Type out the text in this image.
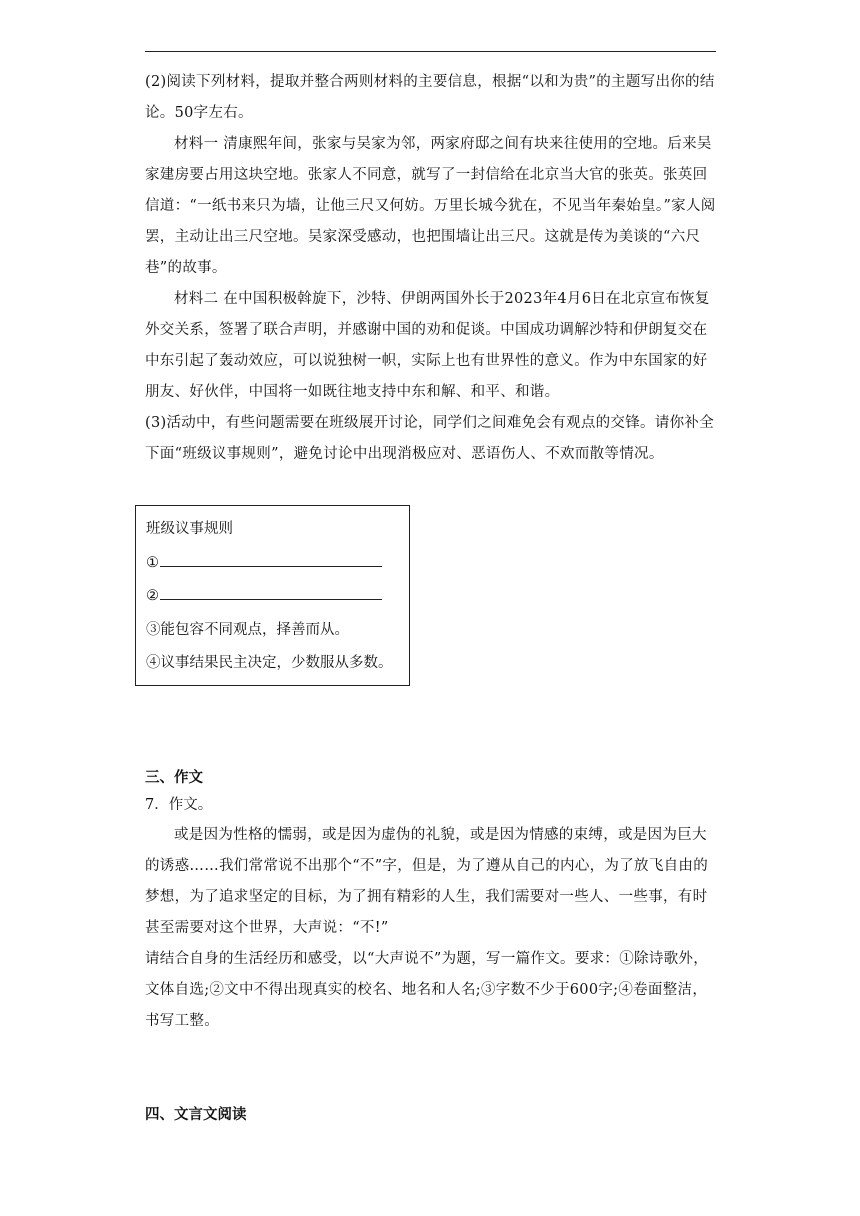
(2)阅读下列材料，提取并整合两则材料的主要信息，根据“以和为贵”的主题写出你的结论。50字左右。

材料一 清康熙年间，张家与吴家为邻，两家府邸之间有块来往使用的空地。后来吴家建房要占用这块空地。张家人不同意，就写了一封信给在北京当大官的张英。张英回信道：“一纸书来只为墙，让他三尺又何妨。万里长城今犹在，不见当年秦始皇。”家人阅罢，主动让出三尺空地。吴家深受感动，也把围墙让出三尺。这就是传为美谈的“六尺巷”的故事。

材料二 在中国积极斡旋下，沙特、伊朗两国外长于2023年4月6日在北京宣布恢复外交关系，签署了联合声明，并感谢中国的劝和促谈。中国成功调解沙特和伊朗复交在中东引起了轰动效应，可以说独树一帜，实际上也有世界性的意义。作为中东国家的好朋友、好伙伴，中国将一如既往地支持中东和解、和平、和谐。

(3)活动中，有些问题需要在班级展开讨论，同学们之间难免会有观点的交锋。请你补全下面“班级议事规则”，避免讨论中出现消极应对、恶语伤人、不欢而散等情况。

班级议事规则
①
②
③能包容不同观点，择善而从。
④议事结果民主决定，少数服从多数。
三、作文
7．作文。

或是因为性格的懦弱，或是因为虚伪的礼貌，或是因为情感的束缚，或是因为巨大的诱惑……我们常常说不出那个“不”字，但是，为了遵从自己的内心，为了放飞自由的梦想，为了追求坚定的目标，为了拥有精彩的人生，我们需要对一些人、一些事，有时甚至需要对这个世界，大声说：“不!”

请结合自身的生活经历和感受，以“大声说不”为题，写一篇作文。要求：①除诗歌外，文体自选;②文中不得出现真实的校名、地名和人名;③字数不少于600字;④卷面整洁，书写工整。

四、文言文阅读
